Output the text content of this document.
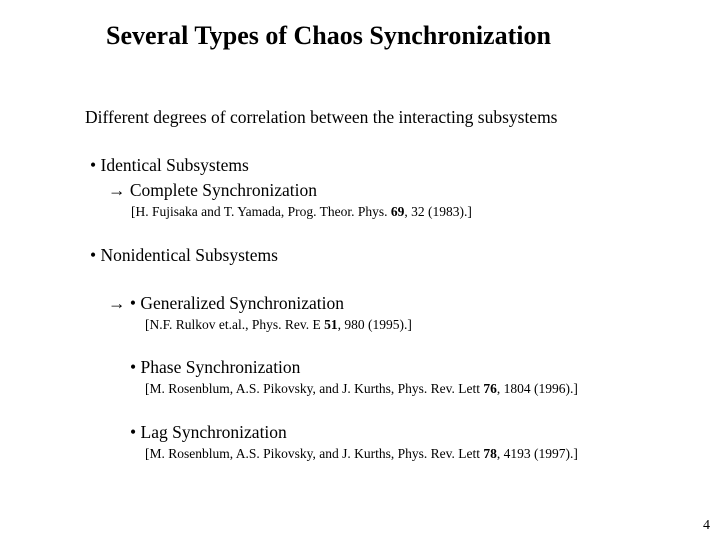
Several Types of Chaos Synchronization
Different degrees of correlation between the interacting subsystems
• Identical Subsystems
→ Complete Synchronization
[H. Fujisaka and T. Yamada, Prog. Theor. Phys. 69, 32 (1983).]
• Nonidentical Subsystems
→ • Generalized Synchronization
[N.F. Rulkov et.al., Phys. Rev. E 51, 980 (1995).]
• Phase Synchronization
[M. Rosenblum, A.S. Pikovsky, and J. Kurths, Phys. Rev. Lett 76, 1804 (1996).]
• Lag Synchronization
[M. Rosenblum, A.S. Pikovsky, and J. Kurths, Phys. Rev. Lett 78, 4193 (1997).]
4
